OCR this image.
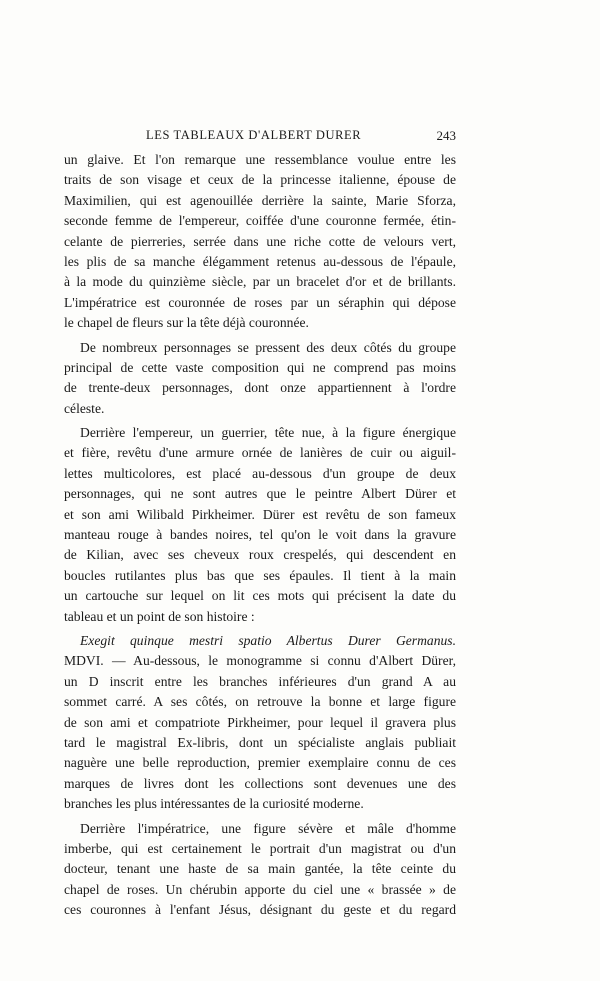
LES TABLEAUX D'ALBERT DURER	243
un glaive. Et l'on remarque une ressemblance voulue entre les
traits de son visage et ceux de la princesse italienne, épouse de
Maximilien, qui est agenouillée derrière la sainte, Marie Sforza,
seconde femme de l'empereur, coiffée d'une couronne fermée, étin-
celante de pierreries, serrée dans une riche cotte de velours vert,
les plis de sa manche élégamment retenus au-dessous de l'épaule,
à la mode du quinzième siècle, par un bracelet d'or et de brillants.
L'impératrice est couronnée de roses par un séraphin qui dépose
le chapel de fleurs sur la tête déjà couronnée.
De nombreux personnages se pressent des deux côtés du groupe
principal de cette vaste composition qui ne comprend pas moins
de trente-deux personnages, dont onze appartiennent à l'ordre
céleste.
Derrière l'empereur, un guerrier, tête nue, à la figure énergique
et fière, revêtu d'une armure ornée de lanières de cuir ou aiguil-
lettes multicolores, est placé au-dessous d'un groupe de deux
personnages, qui ne sont autres que le peintre Albert Dürer et
et son ami Wilibald Pirkheimer. Dürer est revêtu de son fameux
manteau rouge à bandes noires, tel qu'on le voit dans la gravure
de Kilian, avec ses cheveux roux crespelés, qui descendent en
boucles rutilantes plus bas que ses épaules. Il tient à la main
un cartouche sur lequel on lit ces mots qui précisent la date du
tableau et un point de son histoire :
Exegit quinque mestri spatio Albertus Durer Germanus.
MDVI. — Au-dessous, le monogramme si connu d'Albert Dürer,
un D inscrit entre les branches inférieures d'un grand A au
sommet carré. A ses côtés, on retrouve la bonne et large figure
de son ami et compatriote Pirkheimer, pour lequel il gravera plus
tard le magistral Ex-libris, dont un spécialiste anglais publiait
naguère une belle reproduction, premier exemplaire connu de ces
marques de livres dont les collections sont devenues une des
branches les plus intéressantes de la curiosité moderne.
Derrière l'impératrice, une figure sévère et mâle d'homme
imberbe, qui est certainement le portrait d'un magistrat ou d'un
docteur, tenant une haste de sa main gantée, la tête ceinte du
chapel de roses. Un chérubin apporte du ciel une « brassée » de
ces couronnes à l'enfant Jésus, désignant du geste et du regard
